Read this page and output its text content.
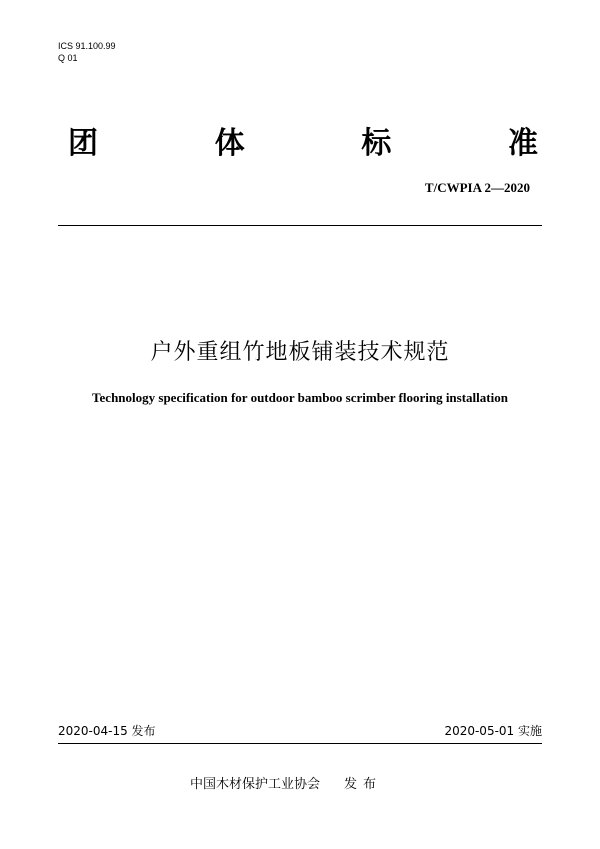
ICS 91.100.99
Q 01
团	体	标	准
T/CWPIA 2—2020
户外重组竹地板铺装技术规范
Technology specification for outdoor bamboo scrimber flooring installation
2020-04-15 发布	2020-05-01 实施
中国木材保护工业协会 发布
